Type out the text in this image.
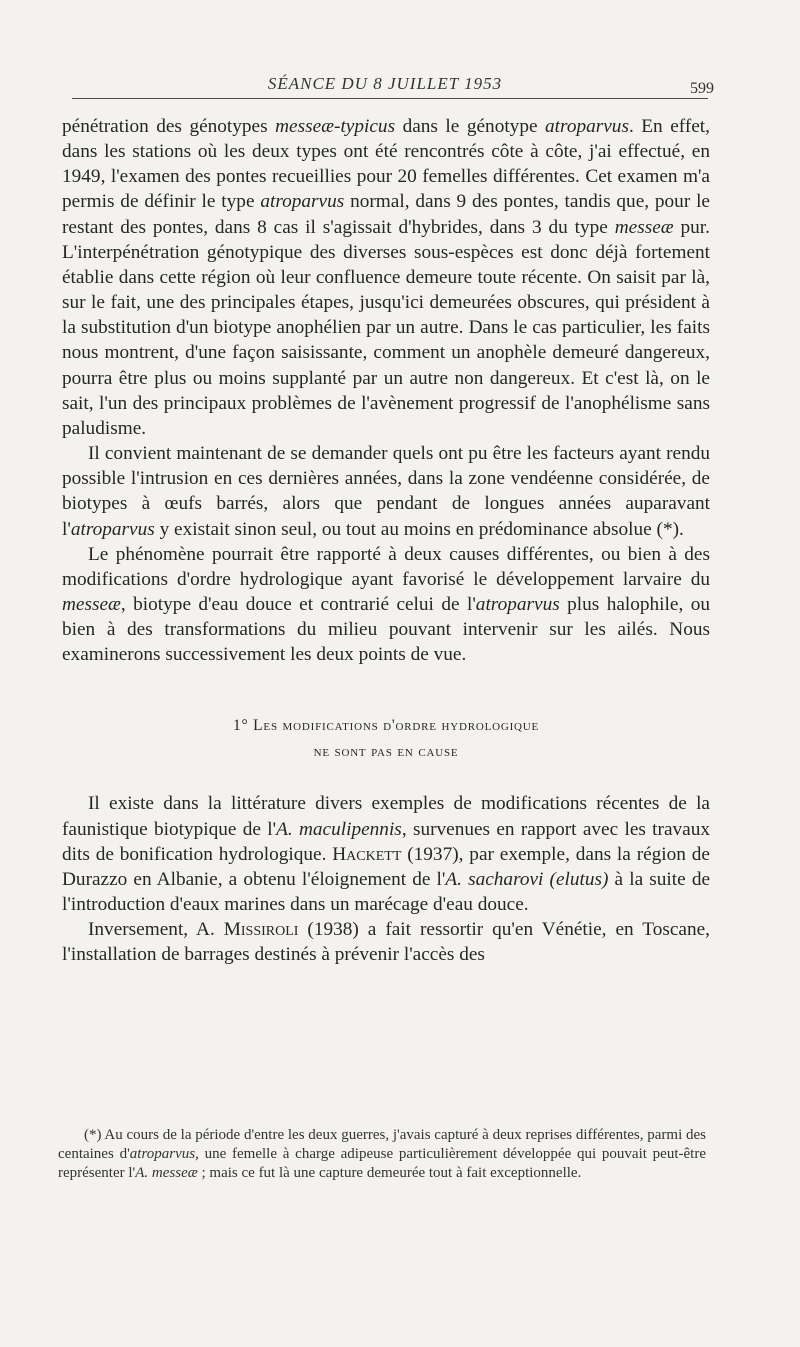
SÉANCE DU 8 JUILLET 1953	599

pénétration des génotypes messeæ-typicus dans le génotype atroparvus. En effet, dans les stations où les deux types ont été rencontrés côte à côte, j'ai effectué, en 1949, l'examen des pontes recueillies pour 20 femelles différentes. Cet examen m'a permis de définir le type atroparvus normal, dans 9 des pontes, tandis que, pour le restant des pontes, dans 8 cas il s'agissait d'hybrides, dans 3 du type messeæ pur. L'interpénétration génotypique des diverses sous-espèces est donc déjà fortement établie dans cette région où leur confluence demeure toute récente. On saisit par là, sur le fait, une des principales étapes, jusqu'ici demeurées obscures, qui président à la substitution d'un biotype anophélien par un autre. Dans le cas particulier, les faits nous montrent, d'une façon saisissante, comment un anophèle demeuré dangereux, pourra être plus ou moins supplanté par un autre non dangereux. Et c'est là, on le sait, l'un des principaux problèmes de l'avènement progressif de l'anophélisme sans paludisme.

Il convient maintenant de se demander quels ont pu être les facteurs ayant rendu possible l'intrusion en ces dernières années, dans la zone vendéenne considérée, de biotypes à œufs barrés, alors que pendant de longues années auparavant l'atroparvus y existait sinon seul, ou tout au moins en prédominance absolue (*).

Le phénomène pourrait être rapporté à deux causes différentes, ou bien à des modifications d'ordre hydrologique ayant favorisé le développement larvaire du messeæ, biotype d'eau douce et contrarié celui de l'atroparvus plus halophile, ou bien à des transformations du milieu pouvant intervenir sur les ailés. Nous examinerons successivement les deux points de vue.

1° Les modifications d'ordre hydrologique
ne sont pas en cause

Il existe dans la littérature divers exemples de modifications récentes de la faunistique biotypique de l'A. maculipennis, survenues en rapport avec les travaux dits de bonification hydrologique. Hackett (1937), par exemple, dans la région de Durazzo en Albanie, a obtenu l'éloignement de l'A. sacharovi (elutus) à la suite de l'introduction d'eaux marines dans un marécage d'eau douce.

Inversement, A. Missiroli (1938) a fait ressortir qu'en Vénétie, en Toscane, l'installation de barrages destinés à prévenir l'accès des

(*) Au cours de la période d'entre les deux guerres, j'avais capturé à deux reprises différentes, parmi des centaines d'atroparvus, une femelle à charge adipeuse particulièrement développée qui pouvait peut-être représenter l'A. messeæ ; mais ce fut là une capture demeurée tout à fait exceptionnelle.
